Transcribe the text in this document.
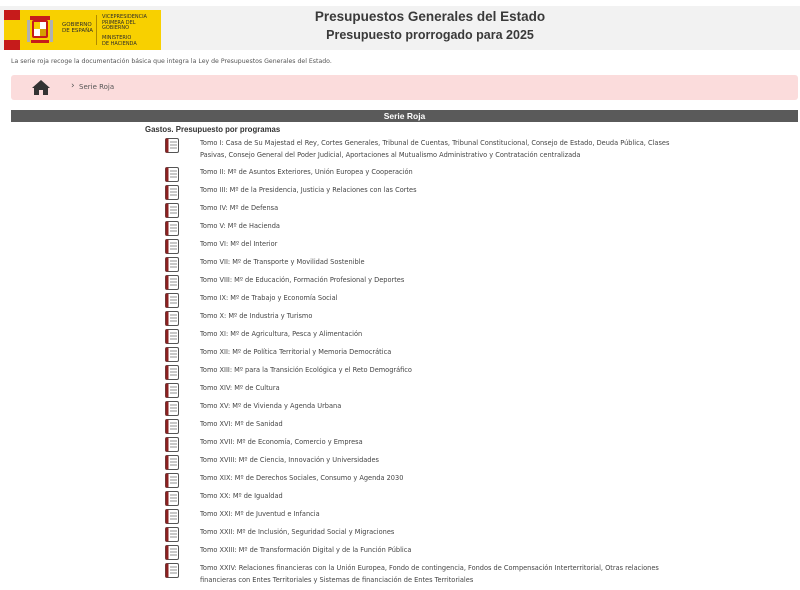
GOBIERNO
DE ESPAÑA
VICEPRESIDENCIA
PRIMERA DEL GOBIERNO
MINISTERIO
DE HACIENDA
Presupuestos Generales del Estado
Presupuesto prorrogado para 2025
La serie roja recoge la documentación básica que integra la Ley de Presupuestos Generales del Estado.
› Serie Roja
Serie Roja
Gastos. Presupuesto por programas
Tomo I: Casa de Su Majestad el Rey, Cortes Generales, Tribunal de Cuentas, Tribunal Constitucional, Consejo de Estado, Deuda Pública, Clases Pasivas, Consejo General del Poder Judicial, Aportaciones al Mutualismo Administrativo y Contratación centralizada
Tomo II: Mº de Asuntos Exteriores, Unión Europea y Cooperación
Tomo III: Mº de la Presidencia, Justicia y Relaciones con las Cortes
Tomo IV: Mº de Defensa
Tomo V: Mº de Hacienda
Tomo VI: Mº del Interior
Tomo VII: Mº de Transporte y Movilidad Sostenible
Tomo VIII: Mº de Educación, Formación Profesional y Deportes
Tomo IX: Mº de Trabajo y Economía Social
Tomo X: Mº de Industria y Turismo
Tomo XI: Mº de Agricultura, Pesca y Alimentación
Tomo XII: Mº de Política Territorial y Memoria Democrática
Tomo XIII: Mº para la Transición Ecológica y el Reto Demográfico
Tomo XIV: Mº de Cultura
Tomo XV: Mº de Vivienda y Agenda Urbana
Tomo XVI: Mº de Sanidad
Tomo XVII: Mº de Economía, Comercio y Empresa
Tomo XVIII: Mº de Ciencia, Innovación y Universidades
Tomo XIX: Mº de Derechos Sociales, Consumo y Agenda 2030
Tomo XX: Mº de Igualdad
Tomo XXI: Mº de Juventud e Infancia
Tomo XXII: Mº de Inclusión, Seguridad Social y Migraciones
Tomo XXIII: Mº de Transformación Digital y de la Función Pública
Tomo XXIV: Relaciones financieras con la Unión Europea, Fondo de contingencia, Fondos de Compensación Interterritorial, Otras relaciones financieras con Entes Territoriales y Sistemas de financiación de Entes Territoriales
